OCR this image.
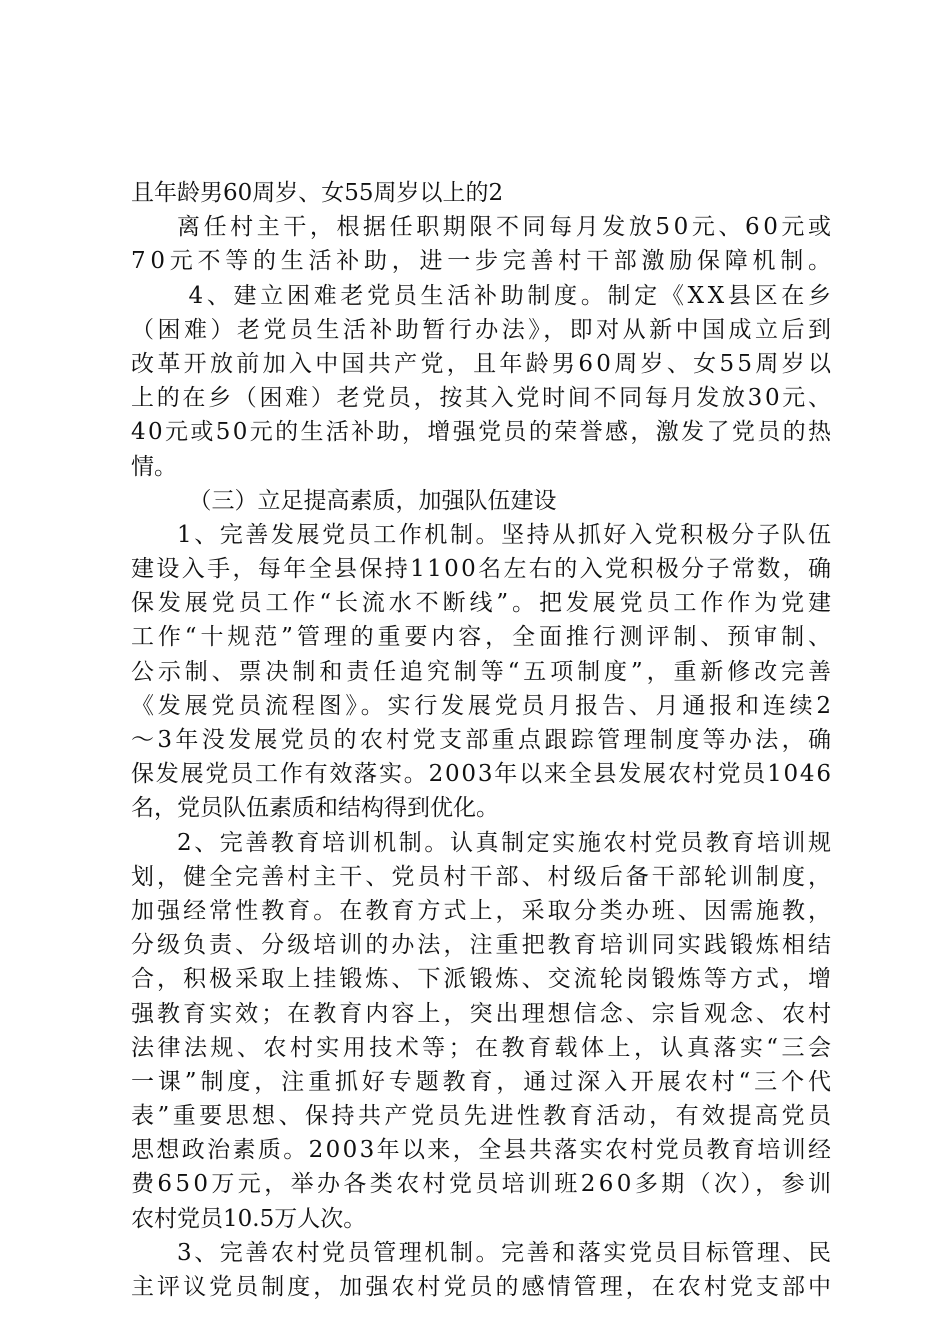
且年龄男60周岁、女55周岁以上的2
离任村主干，根据任职期限不同每月发放50元、60元或
70元不等的生活补助，进一步完善村干部激励保障机制。
4、建立困难老党员生活补助制度。制定《XX县区在乡
（困难）老党员生活补助暂行办法》，即对从新中国成立后到
改革开放前加入中国共产党，且年龄男60周岁、女55周岁以
上的在乡（困难）老党员，按其入党时间不同每月发放30元、
40元或50元的生活补助，增强党员的荣誉感，激发了党员的热
情。
（三）立足提高素质，加强队伍建设
1、完善发展党员工作机制。坚持从抓好入党积极分子队伍
建设入手，每年全县保持1100名左右的入党积极分子常数，确
保发展党员工作“长流水不断线”。把发展党员工作作为党建
工作“十规范”管理的重要内容，全面推行测评制、预审制、
公示制、票决制和责任追究制等“五项制度”，重新修改完善
《发展党员流程图》。实行发展党员月报告、月通报和连续2
～3年没发展党员的农村党支部重点跟踪管理制度等办法，确
保发展党员工作有效落实。2003年以来全县发展农村党员1046
名，党员队伍素质和结构得到优化。
2、完善教育培训机制。认真制定实施农村党员教育培训规
划，健全完善村主干、党员村干部、村级后备干部轮训制度，
加强经常性教育。在教育方式上，采取分类办班、因需施教，
分级负责、分级培训的办法，注重把教育培训同实践锻炼相结
合，积极采取上挂锻炼、下派锻炼、交流轮岗锻炼等方式，增
强教育实效；在教育内容上，突出理想信念、宗旨观念、农村
法律法规、农村实用技术等；在教育载体上，认真落实“三会
一课”制度，注重抓好专题教育，通过深入开展农村“三个代
表”重要思想、保持共产党员先进性教育活动，有效提高党员
思想政治素质。2003年以来，全县共落实农村党员教育培训经
费650万元，举办各类农村党员培训班260多期（次），参训
农村党员10.5万人次。
3、完善农村党员管理机制。完善和落实党员目标管理、民
主评议党员制度，加强农村党员的感情管理，在农村党支部中
